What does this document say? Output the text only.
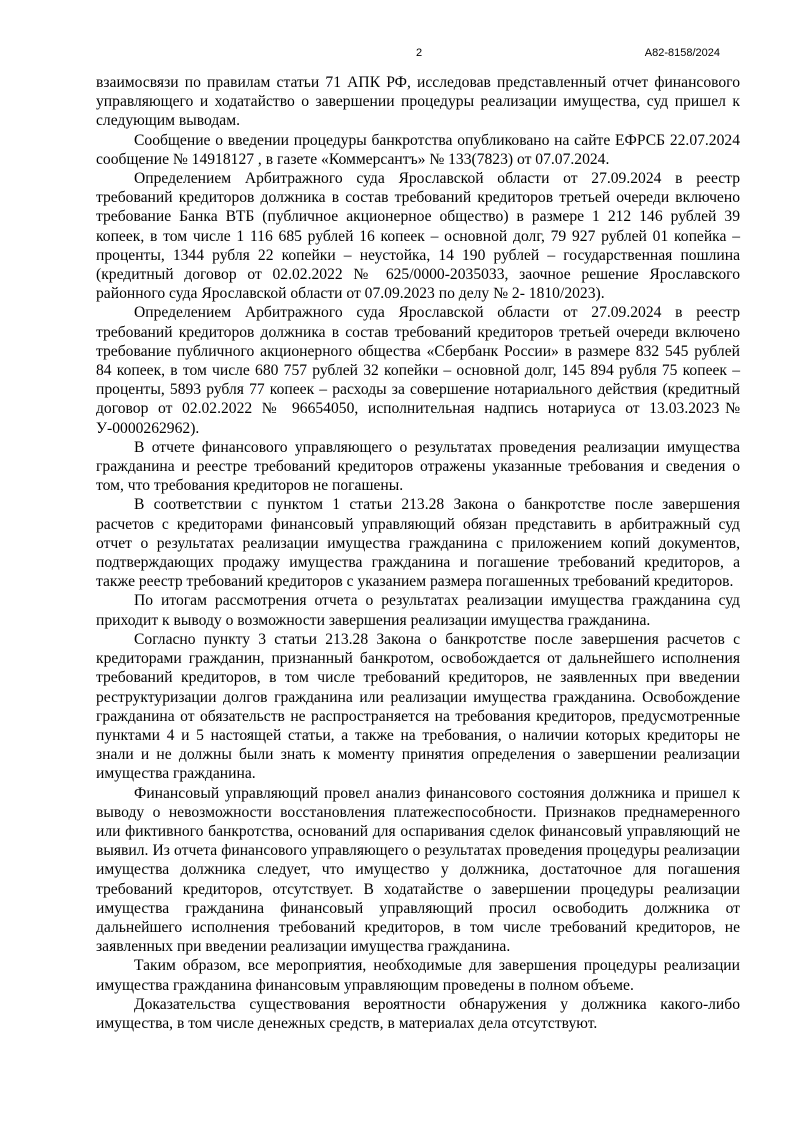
2	А82-8158/2024

взаимосвязи по правилам статьи 71 АПК РФ, исследовав представленный отчет финансового управляющего и ходатайство о завершении процедуры реализации имущества, суд пришел к следующим выводам.

Сообщение о введении процедуры банкротства опубликовано на сайте ЕФРСБ 22.07.2024 сообщение № 14918127 , в газете «Коммерсантъ» № 133(7823) от 07.07.2024.

Определением Арбитражного суда Ярославской области от 27.09.2024 в реестр требований кредиторов должника в состав требований кредиторов третьей очереди включено требование Банка ВТБ (публичное акционерное общество) в размере 1 212 146 рублей 39 копеек, в том числе 1 116 685 рублей 16 копеек – основной долг, 79 927 рублей 01 копейка – проценты, 1344 рубля 22 копейки – неустойка, 14 190 рублей – государственная пошлина (кредитный договор от 02.02.2022 № 625/0000-2035033, заочное решение Ярославского районного суда Ярославской области от 07.09.2023 по делу № 2- 1810/2023).

Определением Арбитражного суда Ярославской области от 27.09.2024 в реестр требований кредиторов должника в состав требований кредиторов третьей очереди включено требование публичного акционерного общества «Сбербанк России» в размере 832 545 рублей 84 копеек, в том числе 680 757 рублей 32 копейки – основной долг, 145 894 рубля 75 копеек – проценты, 5893 рубля 77 копеек – расходы за совершение нотариального действия (кредитный договор от 02.02.2022 № 96654050, исполнительная надпись нотариуса от 13.03.2023№ У-0000262962).

В отчете финансового управляющего о результатах проведения реализации имущества гражданина и реестре требований кредиторов отражены указанные требования и сведения о том, что требования кредиторов не погашены.

В соответствии с пунктом 1 статьи 213.28 Закона о банкротстве после завершения расчетов с кредиторами финансовый управляющий обязан представить в арбитражный суд отчет о результатах реализации имущества гражданина с приложением копий документов, подтверждающих продажу имущества гражданина и погашение требований кредиторов, а также реестр требований кредиторов с указанием размера погашенных требований кредиторов.

По итогам рассмотрения отчета о результатах реализации имущества гражданина суд приходит к выводу о возможности завершения реализации имущества гражданина.

Согласно пункту 3 статьи 213.28 Закона о банкротстве после завершения расчетов с кредиторами гражданин, признанный банкротом, освобождается от дальнейшего исполнения требований кредиторов, в том числе требований кредиторов, не заявленных при введении реструктуризации долгов гражданина или реализации имущества гражданина. Освобождение гражданина от обязательств не распространяется на требования кредиторов, предусмотренные пунктами 4 и 5 настоящей статьи, а также на требования, о наличии которых кредиторы не знали и не должны были знать к моменту принятия определения о завершении реализации имущества гражданина.

Финансовый управляющий провел анализ финансового состояния должника и пришел к выводу о невозможности восстановления платежеспособности. Признаков преднамеренного или фиктивного банкротства, оснований для оспаривания сделок финансовый управляющий не выявил. Из отчета финансового управляющего о результатах проведения процедуры реализации имущества должника следует, что имущество у должника, достаточное для погашения требований кредиторов, отсутствует. В ходатайстве о завершении процедуры реализации имущества гражданина финансовый управляющий просил освободить должника от дальнейшего исполнения требований кредиторов, в том числе требований кредиторов, не заявленных при введении реализации имущества гражданина.

Таким образом, все мероприятия, необходимые для завершения процедуры реализации имущества гражданина финансовым управляющим проведены в полном объеме.

Доказательства существования вероятности обнаружения у должника какого-либо имущества, в том числе денежных средств, в материалах дела отсутствуют.
